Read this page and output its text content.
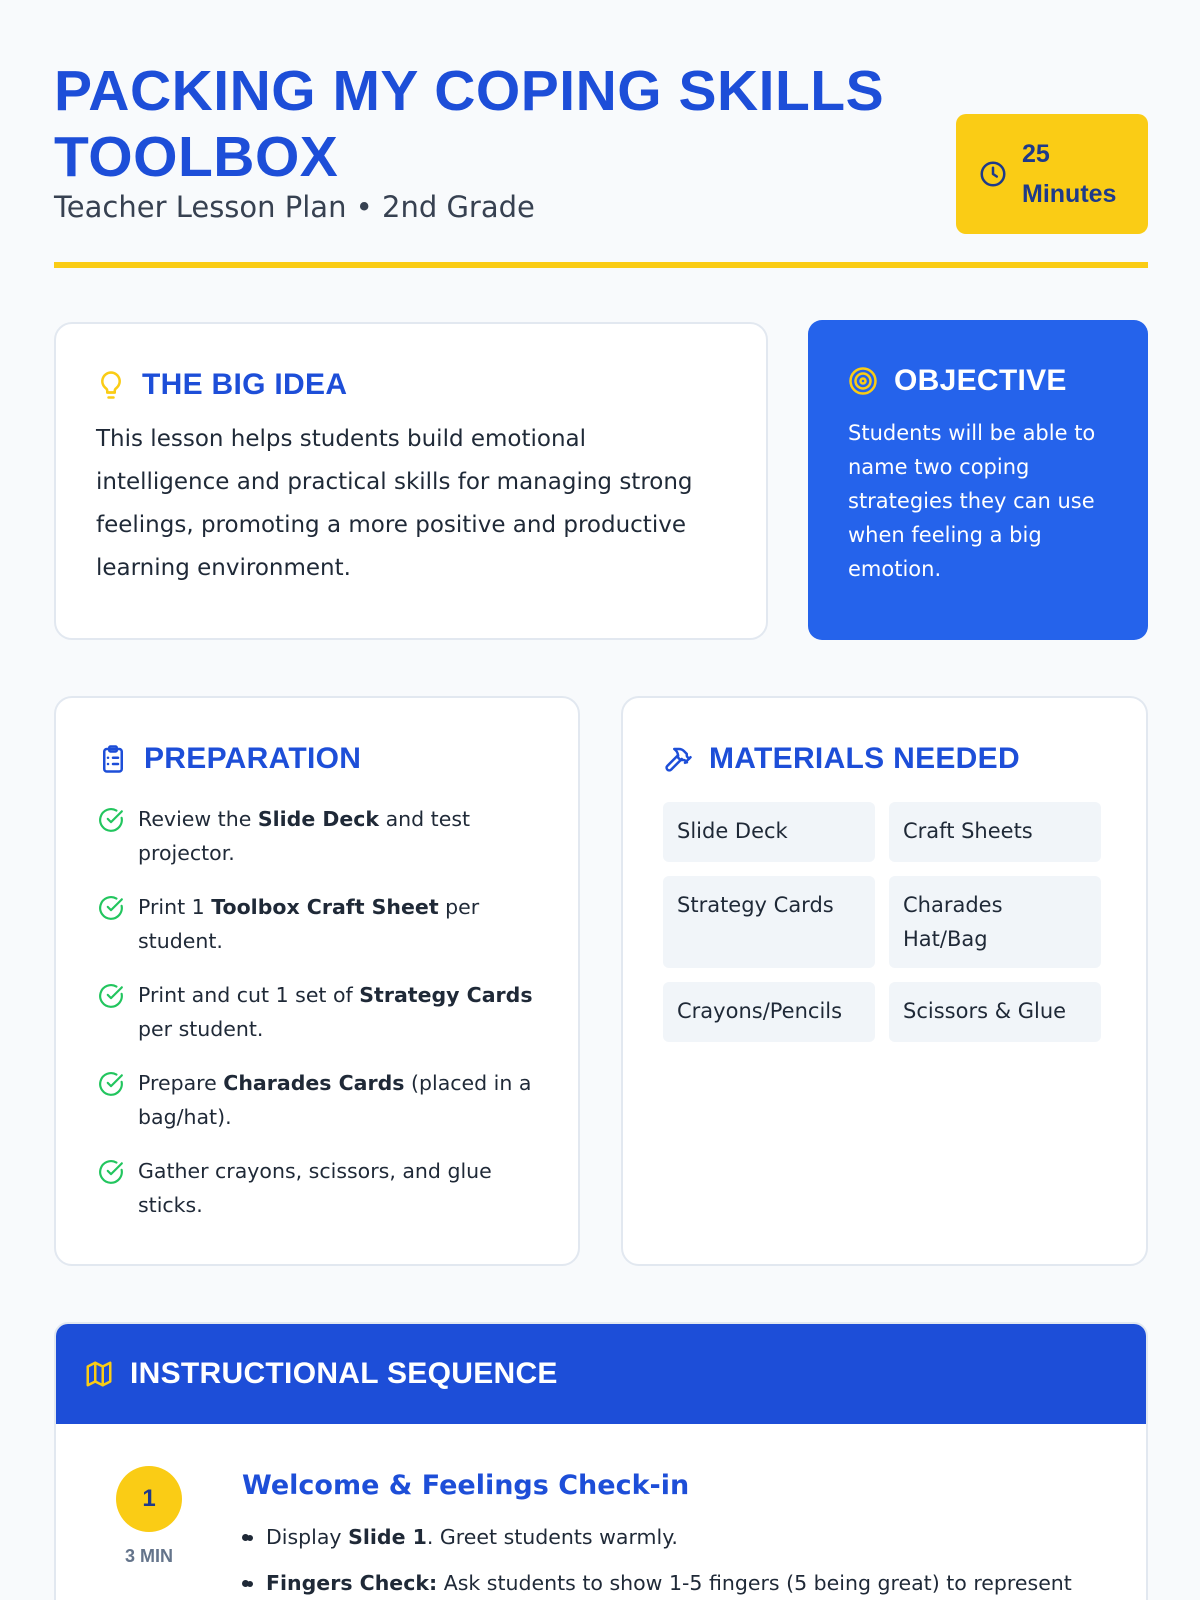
PACKING MY COPING SKILLS TOOLBOX
Teacher Lesson Plan • 2nd Grade
25 Minutes
THE BIG IDEA

This lesson helps students build emotional intelligence and practical skills for managing strong feelings, promoting a more positive and productive learning environment.

OBJECTIVE

Students will be able to name two coping strategies they can use when feeling a big emotion.

PREPARATION
Review the Slide Deck and test projector.
Print 1 Toolbox Craft Sheet per student.
Print and cut 1 set of Strategy Cards per student.
Prepare Charades Cards (placed in a bag/hat).
Gather crayons, scissors, and glue sticks.
MATERIALS NEEDED
Slide Deck	Craft Sheets
Strategy Cards	Charades Hat/Bag
Crayons/Pencils	Scissors & Glue
INSTRUCTIONAL SEQUENCE
1
3 MIN
Welcome & Feelings Check-in
• Display Slide 1. Greet students warmly.
• Fingers Check: Ask students to show 1-5 fingers (5 being great) to represent
